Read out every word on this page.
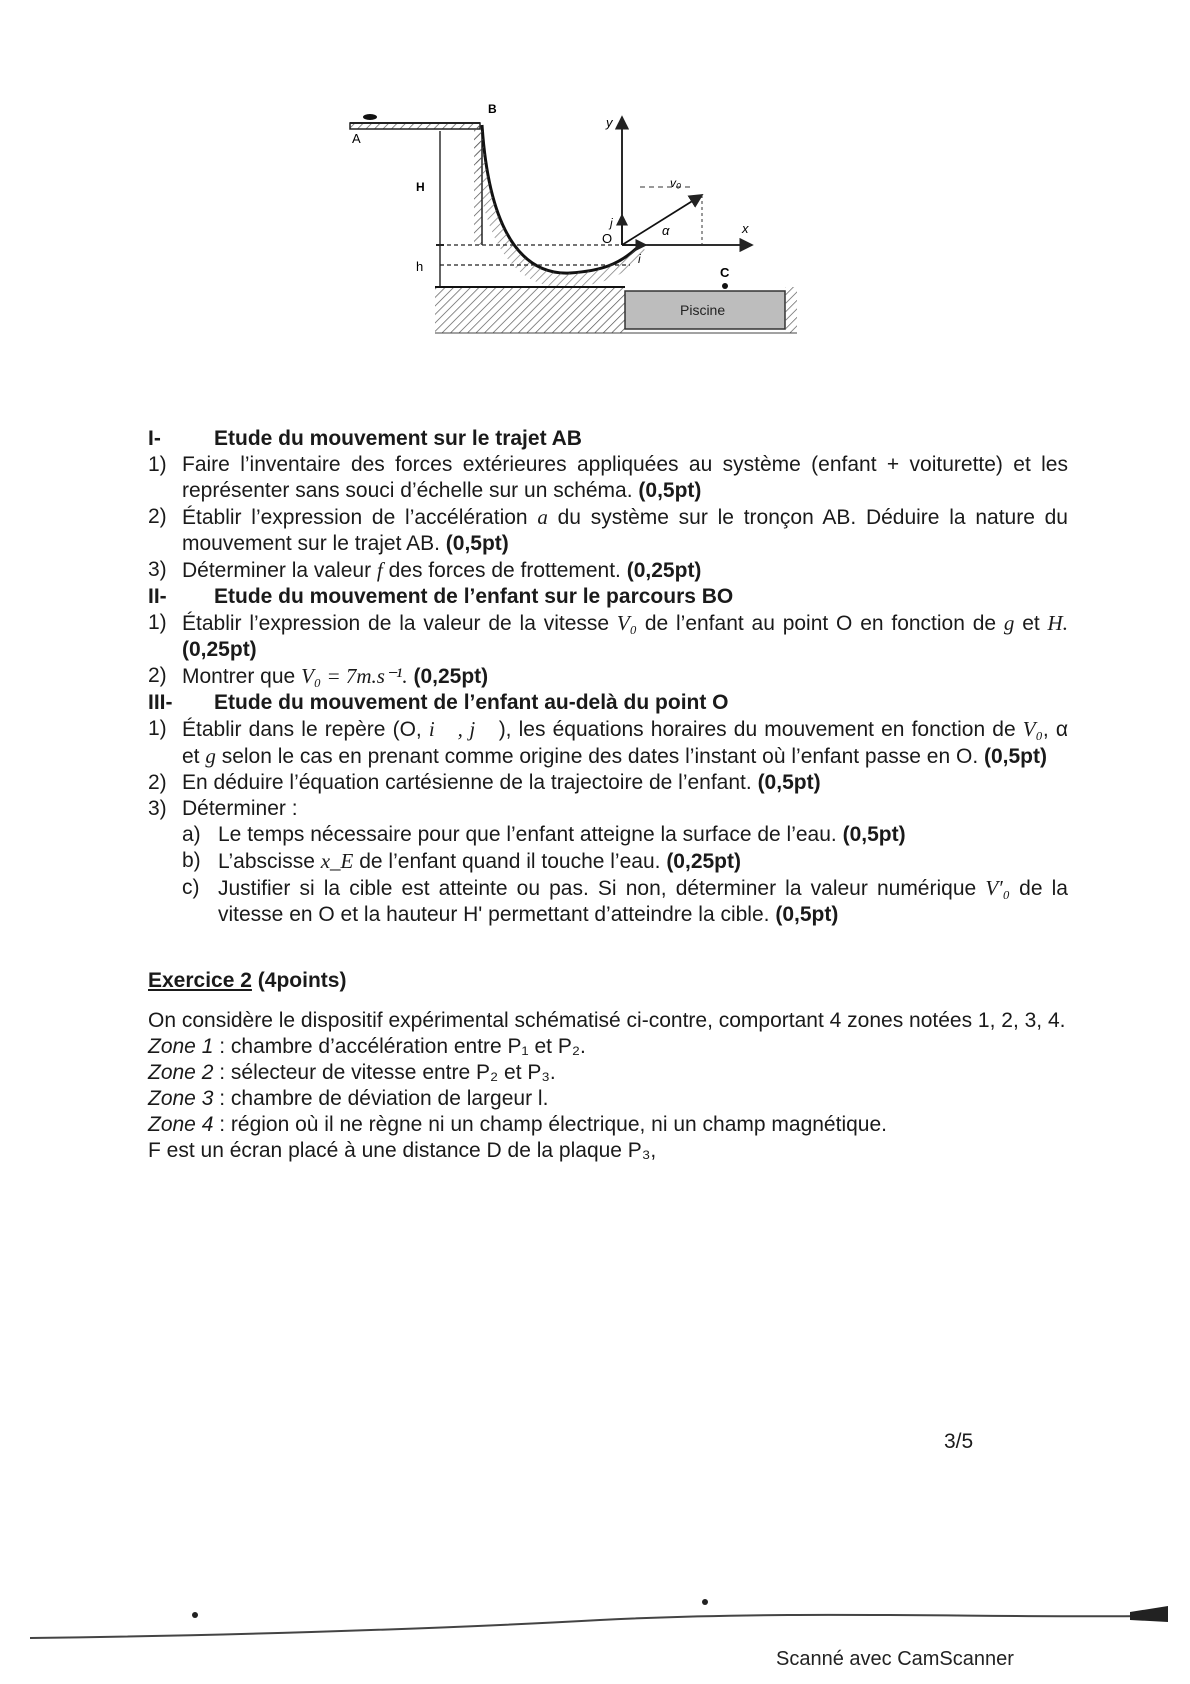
A
B
H
h
y
x
O
j
i
v₀
α
C
Piscine
I-	Etude du mouvement sur le trajet AB
1) Faire l’inventaire des forces extérieures appliquées au système (enfant + voiturette) et les représenter sans souci d’échelle sur un schéma. (0,5pt)
2) Établir l’expression de l’accélération a du système sur le tronçon AB. Déduire la nature du mouvement sur le trajet AB. (0,5pt)
3) Déterminer la valeur f des forces de frottement. (0,25pt)
II- Etude du mouvement de l’enfant sur le parcours BO
1) Établir l’expression de la valeur de la vitesse V₀ de l’enfant au point O en fonction de g et H. (0,25pt)
2) Montrer que V₀ = 7m.s⁻¹. (0,25pt)
III- Etude du mouvement de l’enfant au-delà du point O
1) Établir dans le repère (O, i⃗ , j⃗ ), les équations horaires du mouvement en fonction de V₀, α et g selon le cas en prenant comme origine des dates l’instant où l’enfant passe en O. (0,5pt)
2) En déduire l’équation cartésienne de la trajectoire de l’enfant. (0,5pt)
3) Déterminer :
a) Le temps nécessaire pour que l’enfant atteigne la surface de l’eau. (0,5pt)
b) L’abscisse x_E de l’enfant quand il touche l’eau. (0,25pt)
c) Justifier si la cible est atteinte ou pas. Si non, déterminer la valeur numérique V′₀ de la vitesse en O et la hauteur H' permettant d’atteindre la cible. (0,5pt)
Exercice 2 (4points)
On considère le dispositif expérimental schématisé ci-contre, comportant 4 zones notées 1, 2, 3, 4.
Zone 1 : chambre d’accélération entre P₁ et P₂.
Zone 2 : sélecteur de vitesse entre P₂ et P₃.
Zone 3 : chambre de déviation de largeur l.
Zone 4 : région où il ne règne ni un champ électrique, ni un champ magnétique.
F est un écran placé à une distance D de la plaque P₃,
3/5
Scanné avec CamScanner
